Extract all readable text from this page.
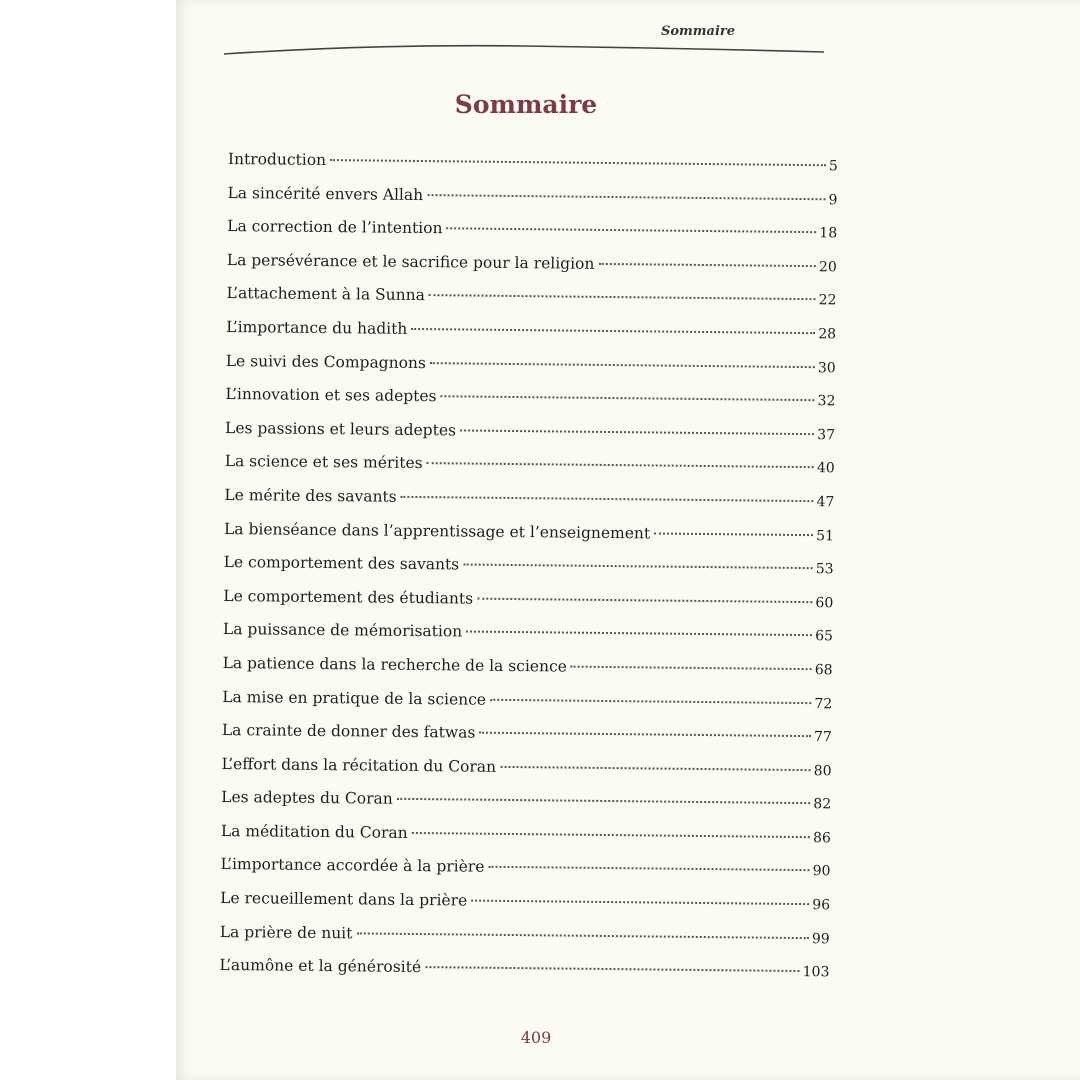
Sommaire
Sommaire
Introduction	5
La sincérité envers Allah	9
La correction de l’intention	18
La persévérance et le sacrifice pour la religion	20
L’attachement à la Sunna	22
L’importance du hadith	28
Le suivi des Compagnons	30
L’innovation et ses adeptes	32
Les passions et leurs adeptes	37
La science et ses mérites	40
Le mérite des savants	47
La bienséance dans l’apprentissage et l’enseignement	51
Le comportement des savants	53
Le comportement des étudiants	60
La puissance de mémorisation	65
La patience dans la recherche de la science	68
La mise en pratique de la science	72
La crainte de donner des fatwas	77
L’effort dans la récitation du Coran	80
Les adeptes du Coran	82
La méditation du Coran	86
L’importance accordée à la prière	90
Le recueillement dans la prière	96
La prière de nuit	99
L’aumône et la générosité	103
409
